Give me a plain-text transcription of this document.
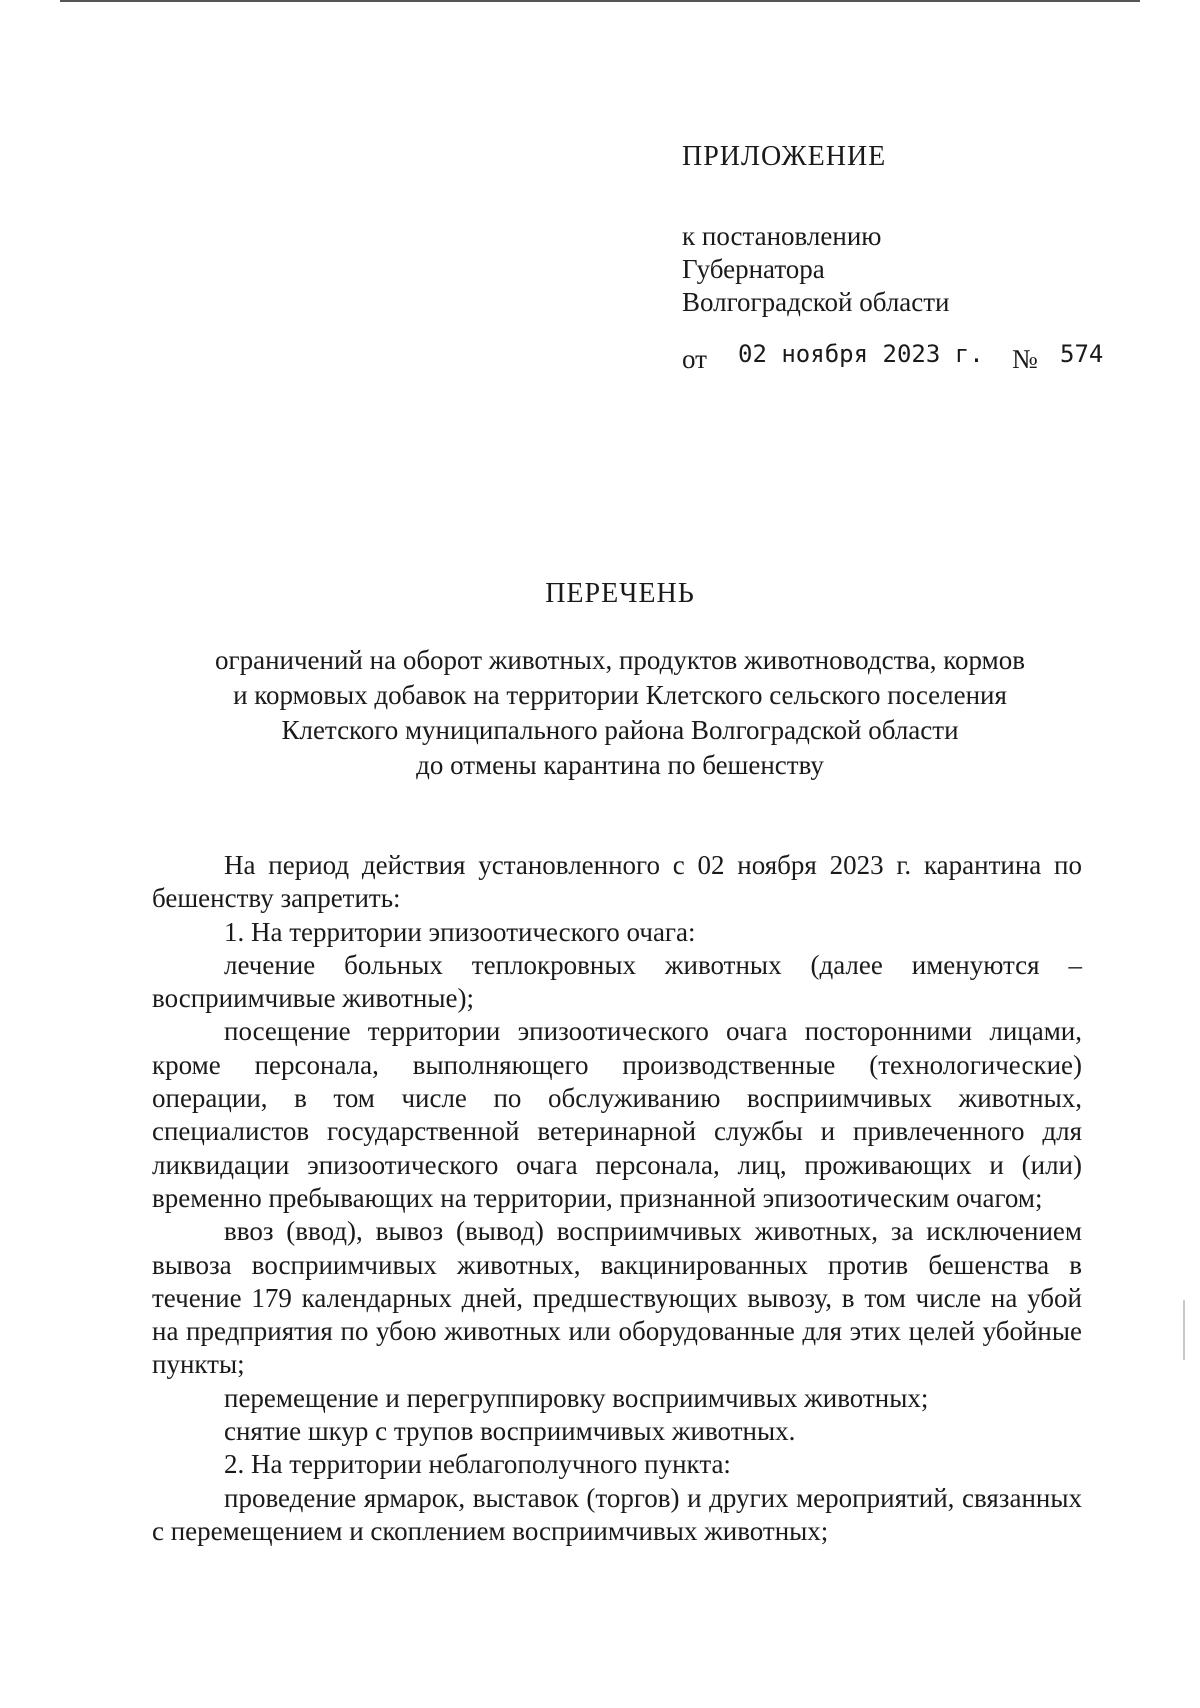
ПРИЛОЖЕНИЕ
к постановлению
Губернатора
Волгоградской области
от 02 ноября 2023 г. № 574
ПЕРЕЧЕНЬ
ограничений на оборот животных, продуктов животноводства, кормов
и кормовых добавок на территории Клетского сельского поселения
Клетского муниципального района Волгоградской области
до отмены карантина по бешенству

На период действия установленного с 02 ноября 2023 г. карантина по бешенству запретить:

1. На территории эпизоотического очага:

лечение больных теплокровных животных (далее именуются – восприимчивые животные);

посещение территории эпизоотического очага посторонними лицами, кроме персонала, выполняющего производственные (технологические) операции, в том числе по обслуживанию восприимчивых животных, специалистов государственной ветеринарной службы и привлеченного для ликвидации эпизоотического очага персонала, лиц, проживающих и (или) временно пребывающих на территории, признанной эпизоотическим очагом;

ввоз (ввод), вывоз (вывод) восприимчивых животных, за исключением вывоза восприимчивых животных, вакцинированных против бешенства в течение 179 календарных дней, предшествующих вывозу, в том числе на убой на предприятия по убою животных или оборудованные для этих целей убойные пункты;

перемещение и перегруппировку восприимчивых животных;

снятие шкур с трупов восприимчивых животных.

2. На территории неблагополучного пункта:

проведение ярмарок, выставок (торгов) и других мероприятий, связанных с перемещением и скоплением восприимчивых животных;
